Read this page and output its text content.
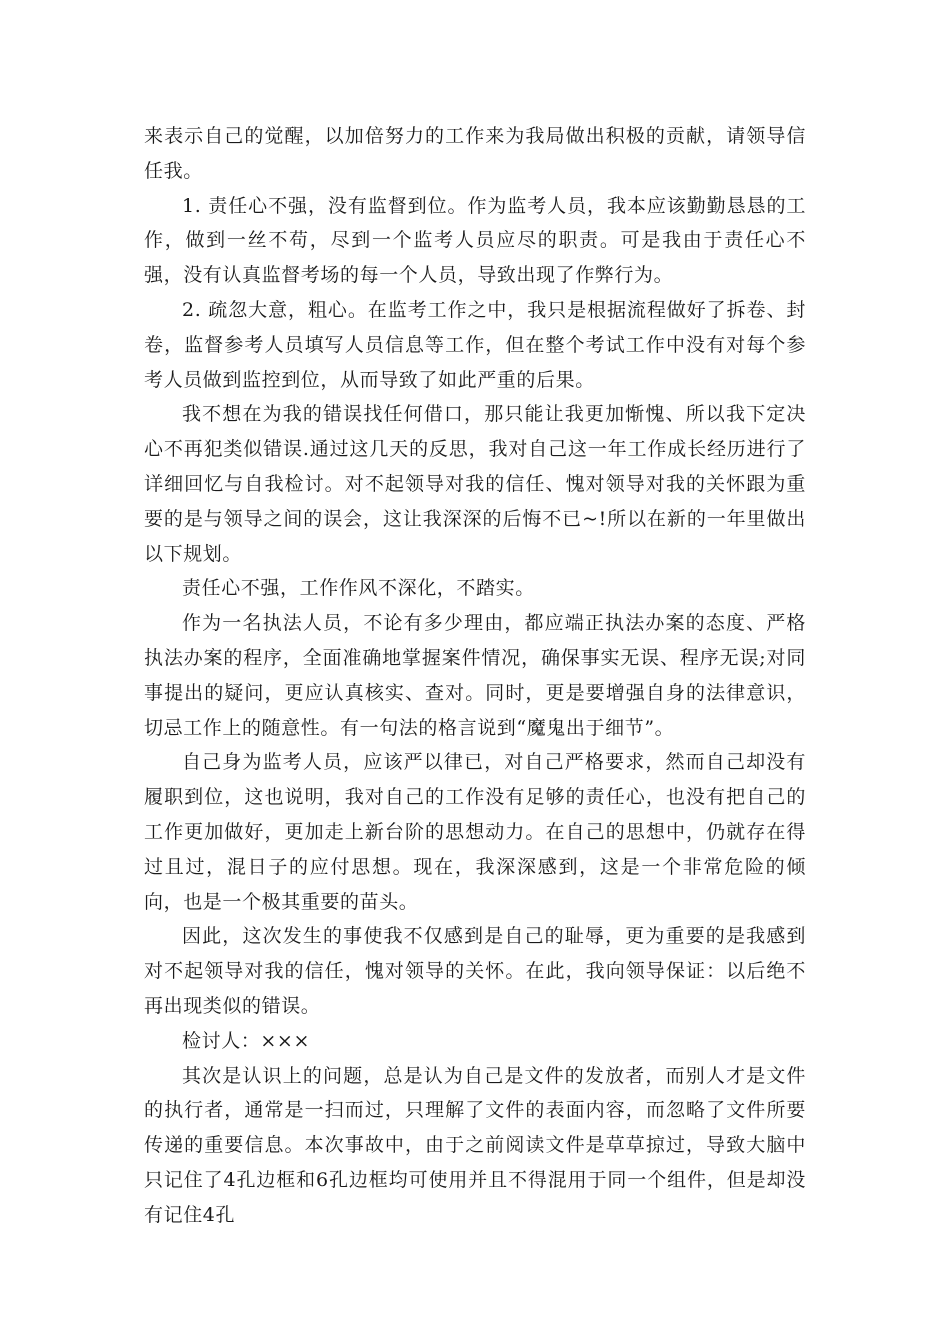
来表示自己的觉醒，以加倍努力的工作来为我局做出积极的贡献，请领导信任我。

1. 责任心不强，没有监督到位。作为监考人员，我本应该勤勤恳恳的工作，做到一丝不苟，尽到一个监考人员应尽的职责。可是我由于责任心不强，没有认真监督考场的每一个人员，导致出现了作弊行为。

2. 疏忽大意，粗心。在监考工作之中，我只是根据流程做好了拆卷、封卷，监督参考人员填写人员信息等工作，但在整个考试工作中没有对每个参考人员做到监控到位，从而导致了如此严重的后果。

我不想在为我的错误找任何借口，那只能让我更加惭愧、所以我下定决心不再犯类似错误.通过这几天的反思，我对自己这一年工作成长经历进行了详细回忆与自我检讨。对不起领导对我的信任、愧对领导对我的关怀跟为重要的是与领导之间的误会，这让我深深的后悔不已~!所以在新的一年里做出以下规划。

责任心不强，工作作风不深化，不踏实。

作为一名执法人员，不论有多少理由，都应端正执法办案的态度、严格执法办案的程序，全面准确地掌握案件情况，确保事实无误、程序无误;对同事提出的疑问，更应认真核实、查对。同时，更是要增强自身的法律意识，切忌工作上的随意性。有一句法的格言说到“魔鬼出于细节”。

自己身为监考人员，应该严以律已，对自己严格要求，然而自己却没有履职到位，这也说明，我对自己的工作没有足够的责任心，也没有把自己的工作更加做好，更加走上新台阶的思想动力。在自己的思想中，仍就存在得过且过，混日子的应付思想。现在，我深深感到，这是一个非常危险的倾向，也是一个极其重要的苗头。

因此，这次发生的事使我不仅感到是自己的耻辱，更为重要的是我感到对不起领导对我的信任，愧对领导的关怀。在此，我向领导保证：以后绝不再出现类似的错误。

检讨人：×××

其次是认识上的问题，总是认为自己是文件的发放者，而别人才是文件的执行者，通常是一扫而过，只理解了文件的表面内容，而忽略了文件所要传递的重要信息。本次事故中，由于之前阅读文件是草草掠过，导致大脑中只记住了4孔边框和6孔边框均可使用并且不得混用于同一个组件，但是却没有记住4孔
